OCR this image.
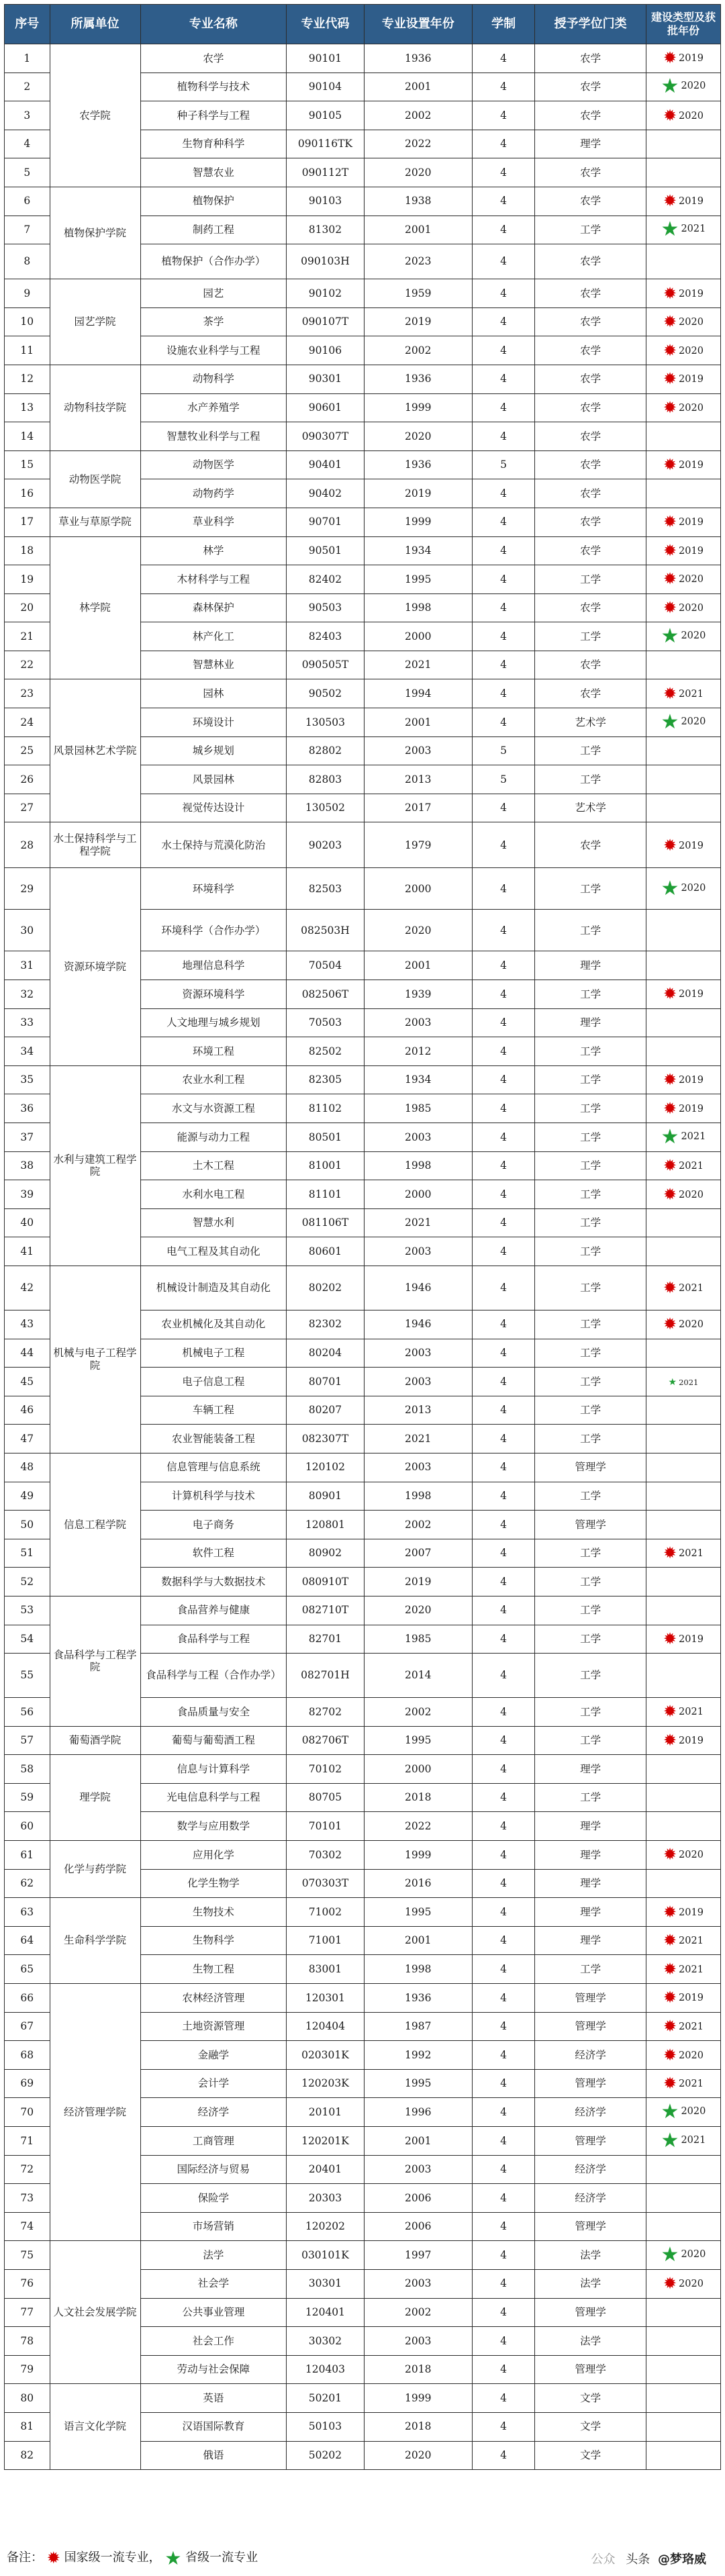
序号	所属单位	专业名称	专业代码	专业设置年份	学制	授予学位门类	建设类型及获批年份
1	农学院	农学	90101	1936	4	农学	✹ 2019
2		植物科学与技术	90104	2001	4	农学	★ 2020
3		种子科学与工程	90105	2002	4	农学	✹ 2020
4		生物育种科学	090116TK	2022	4	理学	
5		智慧农业	090112T	2020	4	农学	
6	植物保护学院	植物保护	90103	1938	4	农学	✹ 2019
7		制药工程	81302	2001	4	工学	★ 2021
8		植物保护（合作办学）	090103H	2023	4	农学	
9	园艺学院	园艺	90102	1959	4	农学	✹ 2019
10		茶学	090107T	2019	4	农学	✹ 2020
11		设施农业科学与工程	90106	2002	4	农学	✹ 2020
12	动物科技学院	动物科学	90301	1936	4	农学	✹ 2019
13		水产养殖学	90601	1999	4	农学	✹ 2020
14		智慧牧业科学与工程	090307T	2020	4	农学	
15	动物医学院	动物医学	90401	1936	5	农学	✹ 2019
16		动物药学	90402	2019	4	农学	
17	草业与草原学院	草业科学	90701	1999	4	农学	✹ 2019
18	林学院	林学	90501	1934	4	农学	✹ 2019
19		木材科学与工程	82402	1995	4	工学	✹ 2020
20		森林保护	90503	1998	4	农学	✹ 2020
21		林产化工	82403	2000	4	工学	★ 2020
22		智慧林业	090505T	2021	4	农学	
23	风景园林艺术学院	园林	90502	1994	4	农学	✹ 2021
24		环境设计	130503	2001	4	艺术学	★ 2020
25		城乡规划	82802	2003	5	工学	
26		风景园林	82803	2013	5	工学	
27		视觉传达设计	130502	2017	4	艺术学	
28	水土保持科学与工程学院	水土保持与荒漠化防治	90203	1979	4	农学	✹ 2019
29	资源环境学院	环境科学	82503	2000	4	工学	★ 2020
30		环境科学（合作办学）	082503H	2020	4	工学	
31		地理信息科学	70504	2001	4	理学	
32		资源环境科学	082506T	1939	4	工学	✹ 2019
33		人文地理与城乡规划	70503	2003	4	理学	
34		环境工程	82502	2012	4	工学	
35	水利与建筑工程学院	农业水利工程	82305	1934	4	工学	✹ 2019
36		水文与水资源工程	81102	1985	4	工学	✹ 2019
37		能源与动力工程	80501	2003	4	工学	★ 2021
38		土木工程	81001	1998	4	工学	✹ 2021
39		水利水电工程	81101	2000	4	工学	✹ 2020
40		智慧水利	081106T	2021	4	工学	
41		电气工程及其自动化	80601	2003	4	工学	
42	机械与电子工程学院	机械设计制造及其自动化	80202	1946	4	工学	✹ 2021
43		农业机械化及其自动化	82302	1946	4	工学	✹ 2020
44		机械电子工程	80204	2003	4	工学	
45		电子信息工程	80701	2003	4	工学	★ 2021
46		车辆工程	80207	2013	4	工学	
47		农业智能装备工程	082307T	2021	4	工学	
48	信息工程学院	信息管理与信息系统	120102	2003	4	管理学	
49		计算机科学与技术	80901	1998	4	工学	
50		电子商务	120801	2002	4	管理学	
51		软件工程	80902	2007	4	工学	✹ 2021
52		数据科学与大数据技术	080910T	2019	4	工学	
53	食品科学与工程学院	食品营养与健康	082710T	2020	4	工学	
54		食品科学与工程	82701	1985	4	工学	✹ 2019
55		食品科学与工程（合作办学）	082701H	2014	4	工学	
56		食品质量与安全	82702	2002	4	工学	✹ 2021
57	葡萄酒学院	葡萄与葡萄酒工程	082706T	1995	4	工学	✹ 2019
58	理学院	信息与计算科学	70102	2000	4	理学	
59		光电信息科学与工程	80705	2018	4	工学	
60		数学与应用数学	70101	2022	4	理学	
61	化学与药学院	应用化学	70302	1999	4	理学	✹ 2020
62		化学生物学	070303T	2016	4	理学	
63	生命科学学院	生物技术	71002	1995	4	理学	✹ 2019
64		生物科学	71001	2001	4	理学	✹ 2021
65		生物工程	83001	1998	4	工学	✹ 2021
66	经济管理学院	农林经济管理	120301	1936	4	管理学	✹ 2019
67		土地资源管理	120404	1987	4	管理学	✹ 2021
68		金融学	020301K	1992	4	经济学	✹ 2020
69		会计学	120203K	1995	4	管理学	✹ 2021
70		经济学	20101	1996	4	经济学	★ 2020
71		工商管理	120201K	2001	4	管理学	★ 2021
72		国际经济与贸易	20401	2003	4	经济学	
73		保险学	20303	2006	4	经济学	
74		市场营销	120202	2006	4	管理学	
75	人文社会发展学院	法学	030101K	1997	4	法学	★ 2020
76		社会学	30301	2003	4	法学	✹ 2020
77		公共事业管理	120401	2002	4	管理学	
78		社会工作	30302	2003	4	法学	
79		劳动与社会保障	120403	2018	4	管理学	
80	语言文化学院	英语	50201	1999	4	文学	
81		汉语国际教育	50103	2018	4	文学	
82		俄语	50202	2020	4	文学	
备注： ✹ 国家级一流专业， ★ 省级一流专业	公众 头条 @梦珞威
